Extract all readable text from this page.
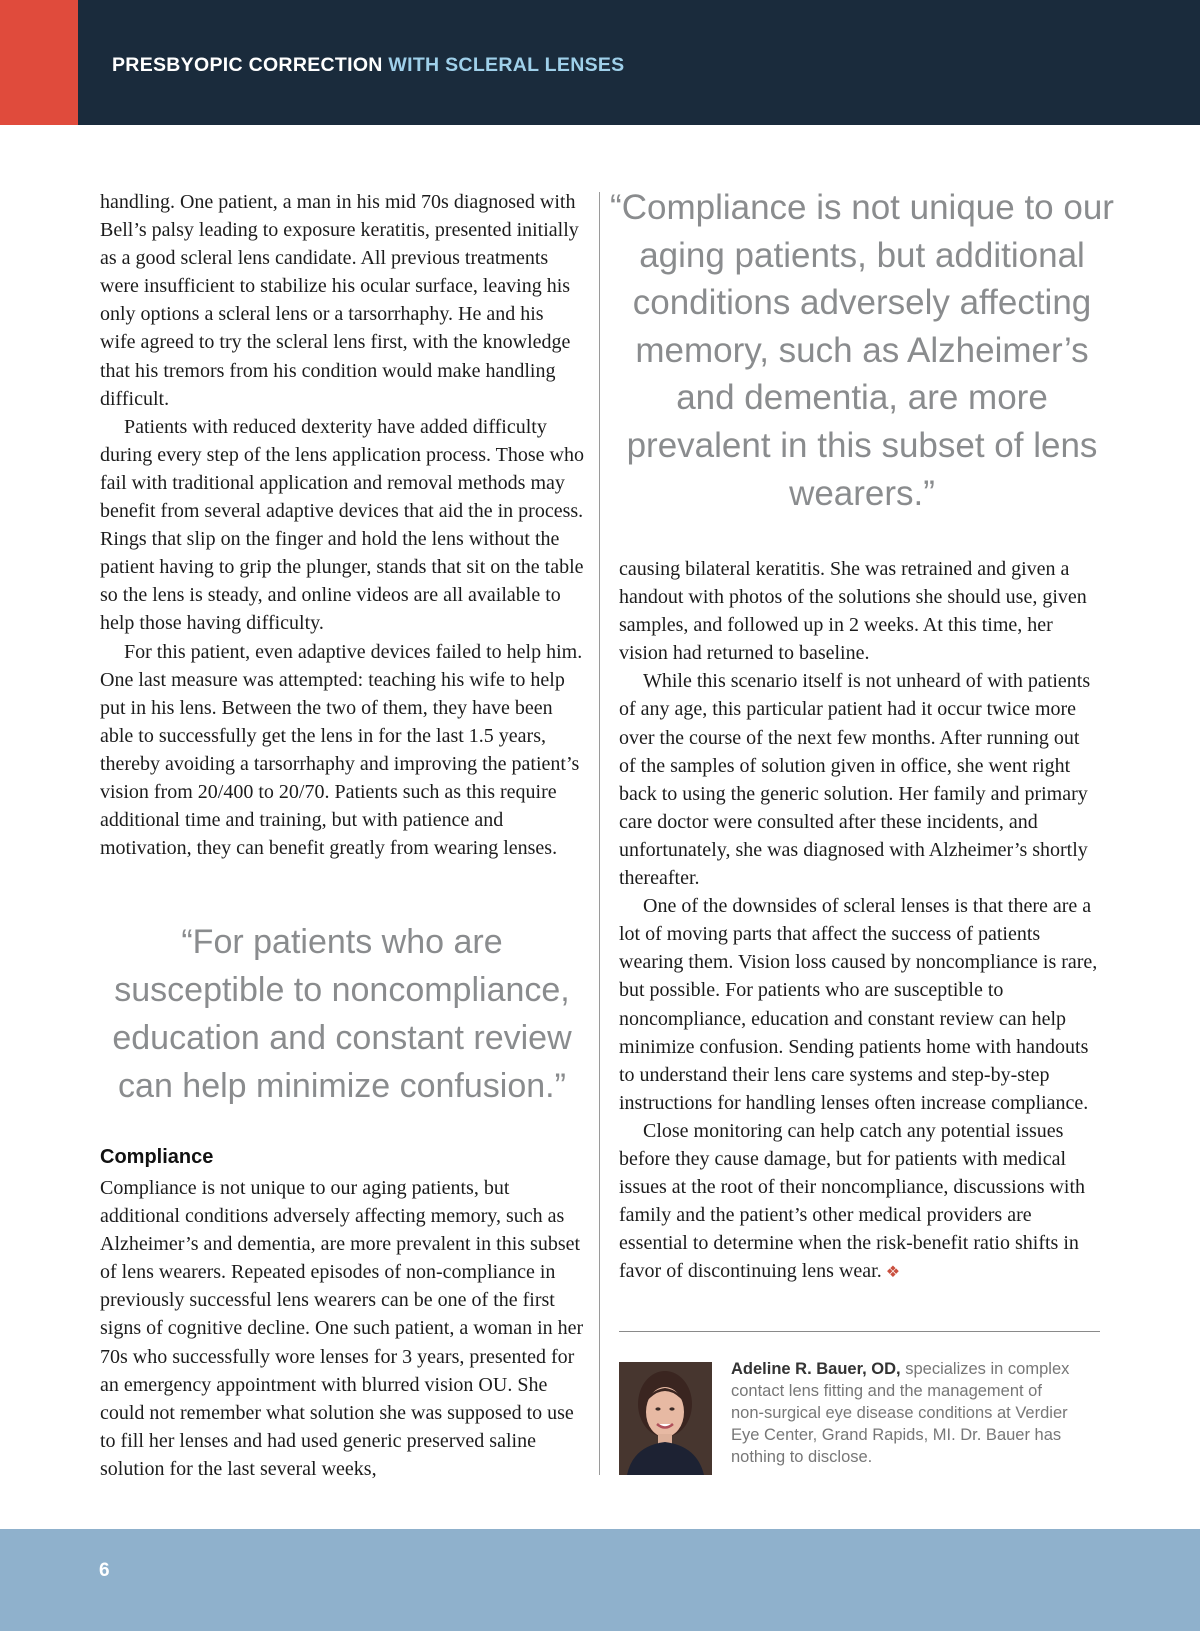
PRESBYOPIC CORRECTION WITH SCLERAL LENSES

handling. One patient, a man in his mid 70s diagnosed with Bell’s palsy leading to exposure keratitis, presented initially as a good scleral lens candidate. All previous treatments were insufficient to stabilize his ocular surface, leaving his only options a scleral lens or a tarsorrhaphy. He and his wife agreed to try the scleral lens first, with the knowledge that his tremors from his condition would make handling difficult.

Patients with reduced dexterity have added difficulty during every step of the lens application process. Those who fail with traditional application and removal methods may benefit from several adaptive devices that aid the in process. Rings that slip on the finger and hold the lens without the patient having to grip the plunger, stands that sit on the table so the lens is steady, and online videos are all available to help those having difficulty.

For this patient, even adaptive devices failed to help him. One last measure was attempted: teaching his wife to help put in his lens. Between the two of them, they have been able to successfully get the lens in for the last 1.5 years, thereby avoiding a tarsorrhaphy and improving the patient’s vision from 20/400 to 20/70. Patients such as this require additional time and training, but with patience and motivation, they can benefit greatly from wearing lenses.

“For patients who are susceptible to noncompliance, education and constant review can help minimize confusion.”
Compliance

Compliance is not unique to our aging patients, but additional conditions adversely affecting memory, such as Alzheimer’s and dementia, are more prevalent in this subset of lens wearers. Repeated episodes of non-compliance in previously successful lens wearers can be one of the first signs of cognitive decline. One such patient, a woman in her 70s who successfully wore lenses for 3 years, presented for an emergency appointment with blurred vision OU. She could not remember what solution she was supposed to use to fill her lenses and had used generic preserved saline solution for the last several weeks,

“Compliance is not unique to our aging patients, but additional conditions adversely affecting memory, such as Alzheimer’s and dementia, are more prevalent in this subset of lens wearers.”

causing bilateral keratitis. She was retrained and given a handout with photos of the solutions she should use, given samples, and followed up in 2 weeks. At this time, her vision had returned to baseline.

While this scenario itself is not unheard of with patients of any age, this particular patient had it occur twice more over the course of the next few months. After running out of the samples of solution given in office, she went right back to using the generic solution. Her family and primary care doctor were consulted after these incidents, and unfortunately, she was diagnosed with Alzheimer’s shortly thereafter.

One of the downsides of scleral lenses is that there are a lot of moving parts that affect the success of patients wearing them. Vision loss caused by noncompliance is rare, but possible. For patients who are susceptible to noncompliance, education and constant review can help minimize confusion. Sending patients home with handouts to understand their lens care systems and step-by-step instructions for handling lenses often increase compliance.

Close monitoring can help catch any potential issues before they cause damage, but for patients with medical issues at the root of their noncompliance, discussions with family and the patient’s other medical providers are essential to determine when the risk-benefit ratio shifts in favor of discontinuing lens wear. ❖

Adeline R. Bauer, OD, specializes in complex contact lens fitting and the management of non-surgical eye disease conditions at Verdier Eye Center, Grand Rapids, MI. Dr. Bauer has nothing to disclose.
6
